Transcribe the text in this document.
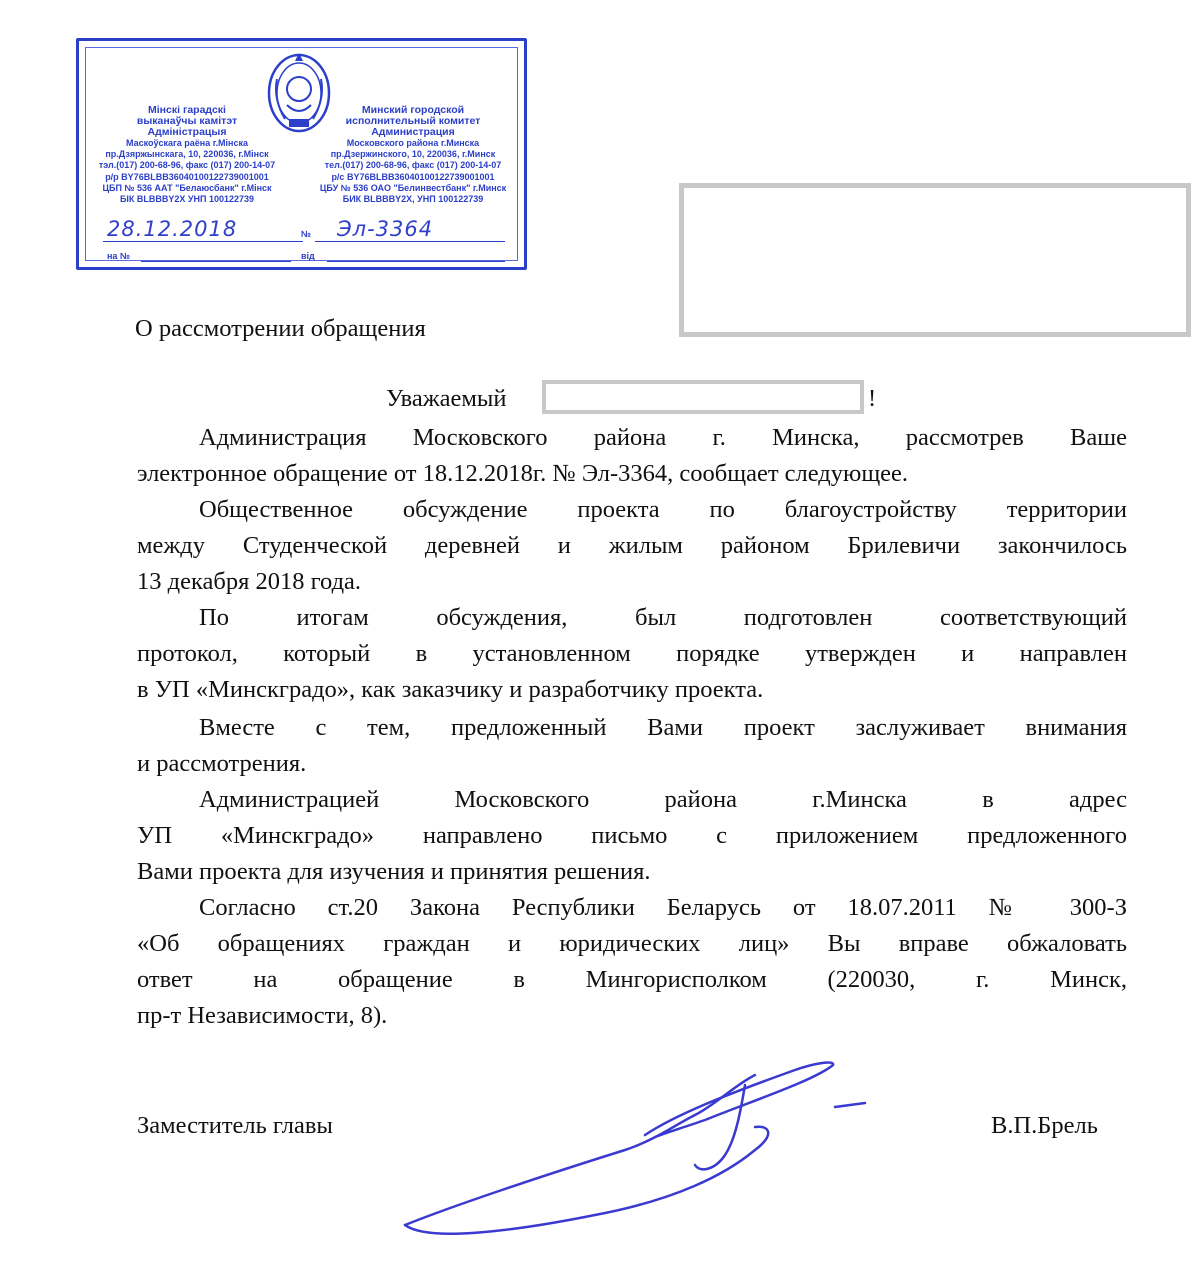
Мінскі гарадскі
выканаўчы камітэт
Адміністрацыя
Маскоўскага раёна г.Мінска
пр.Дзяржынскага, 10, 220036, г.Мінск
тэл.(017) 200-68-96, факс (017) 200-14-07
р/р BY76BLBB36040100122739001001
ЦБП № 536 ААТ "Белаюсбанк" г.Мінск
БІК BLBBBY2X УНП 100122739
Минский городской
исполнительный комитет
Администрация
Московского района г.Минска
пр.Дзержинского, 10, 220036, г.Минск
тел.(017) 200-68-96, факс (017) 200-14-07
р/с BY76BLBB36040100122739001001
ЦБУ № 536 ОАО "Белинвестбанк" г.Минск
БИК BLBBBY2X, УНП 100122739
28.12.2018	№ Эл-3364
на №	від
О рассмотрении обращения
Уважаемый	!
Администрация Московского района г. Минска, рассмотрев Ваше
электронное обращение от 18.12.2018г. № Эл-3364, сообщает следующее.
Общественное обсуждение проекта по благоустройству территории
между Студенческой деревней и жилым районом Брилевичи закончилось
13 декабря 2018 года.
По итогам обсуждения, был подготовлен соответствующий
протокол, который в установленном порядке утвержден и направлен
в УП «Минскградо», как заказчику и разработчику проекта.
Вместе с тем, предложенный Вами проект заслуживает внимания
и рассмотрения.
Администрацией Московского района г.Минска в адрес
УП «Минскградо» направлено письмо с приложением предложенного
Вами проекта для изучения и принятия решения.
Согласно ст.20 Закона Республики Беларусь от 18.07.2011 № 300-З
«Об обращениях граждан и юридических лиц» Вы вправе обжаловать
ответ на обращение в Мингорисполком (220030, г. Минск,
пр-т Независимости, 8).
Заместитель главы	В.П.Брель
